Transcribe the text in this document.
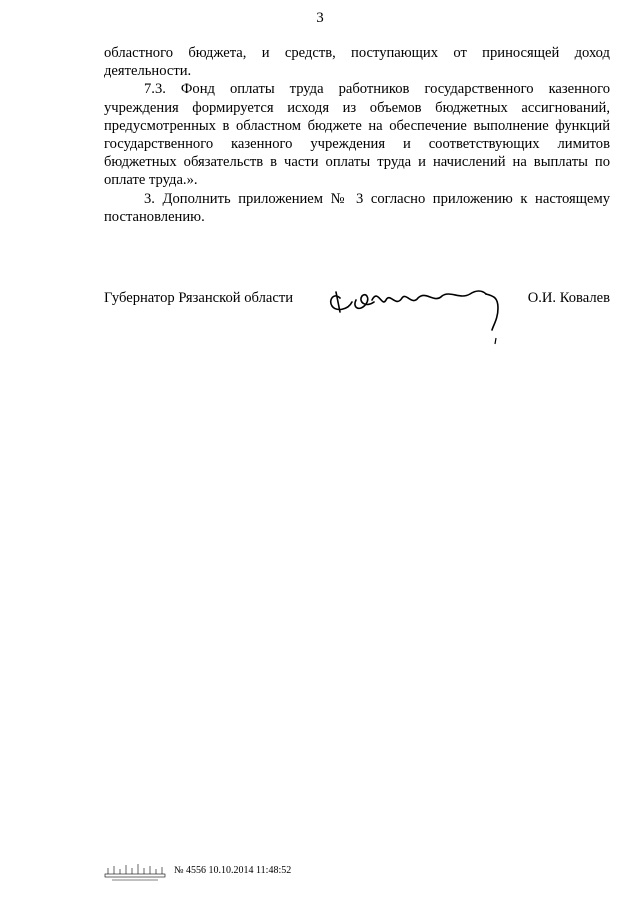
3

областного бюджета, и средств, поступающих от приносящей доход деятельности.

7.3. Фонд оплаты труда работников государственного казенного учреждения формируется исходя из объемов бюджетных ассигнований, предусмотренных в областном бюджете на обеспечение выполнение функций государственного казенного учреждения и соответствующих лимитов бюджетных обязательств в части оплаты труда и начислений на выплаты по оплате труда.».

3. Дополнить приложением № 3 согласно приложению к настоящему постановлению.

Губернатор Рязанской области	О.И. Ковалев
№ 4556 10.10.2014 11:48:52
